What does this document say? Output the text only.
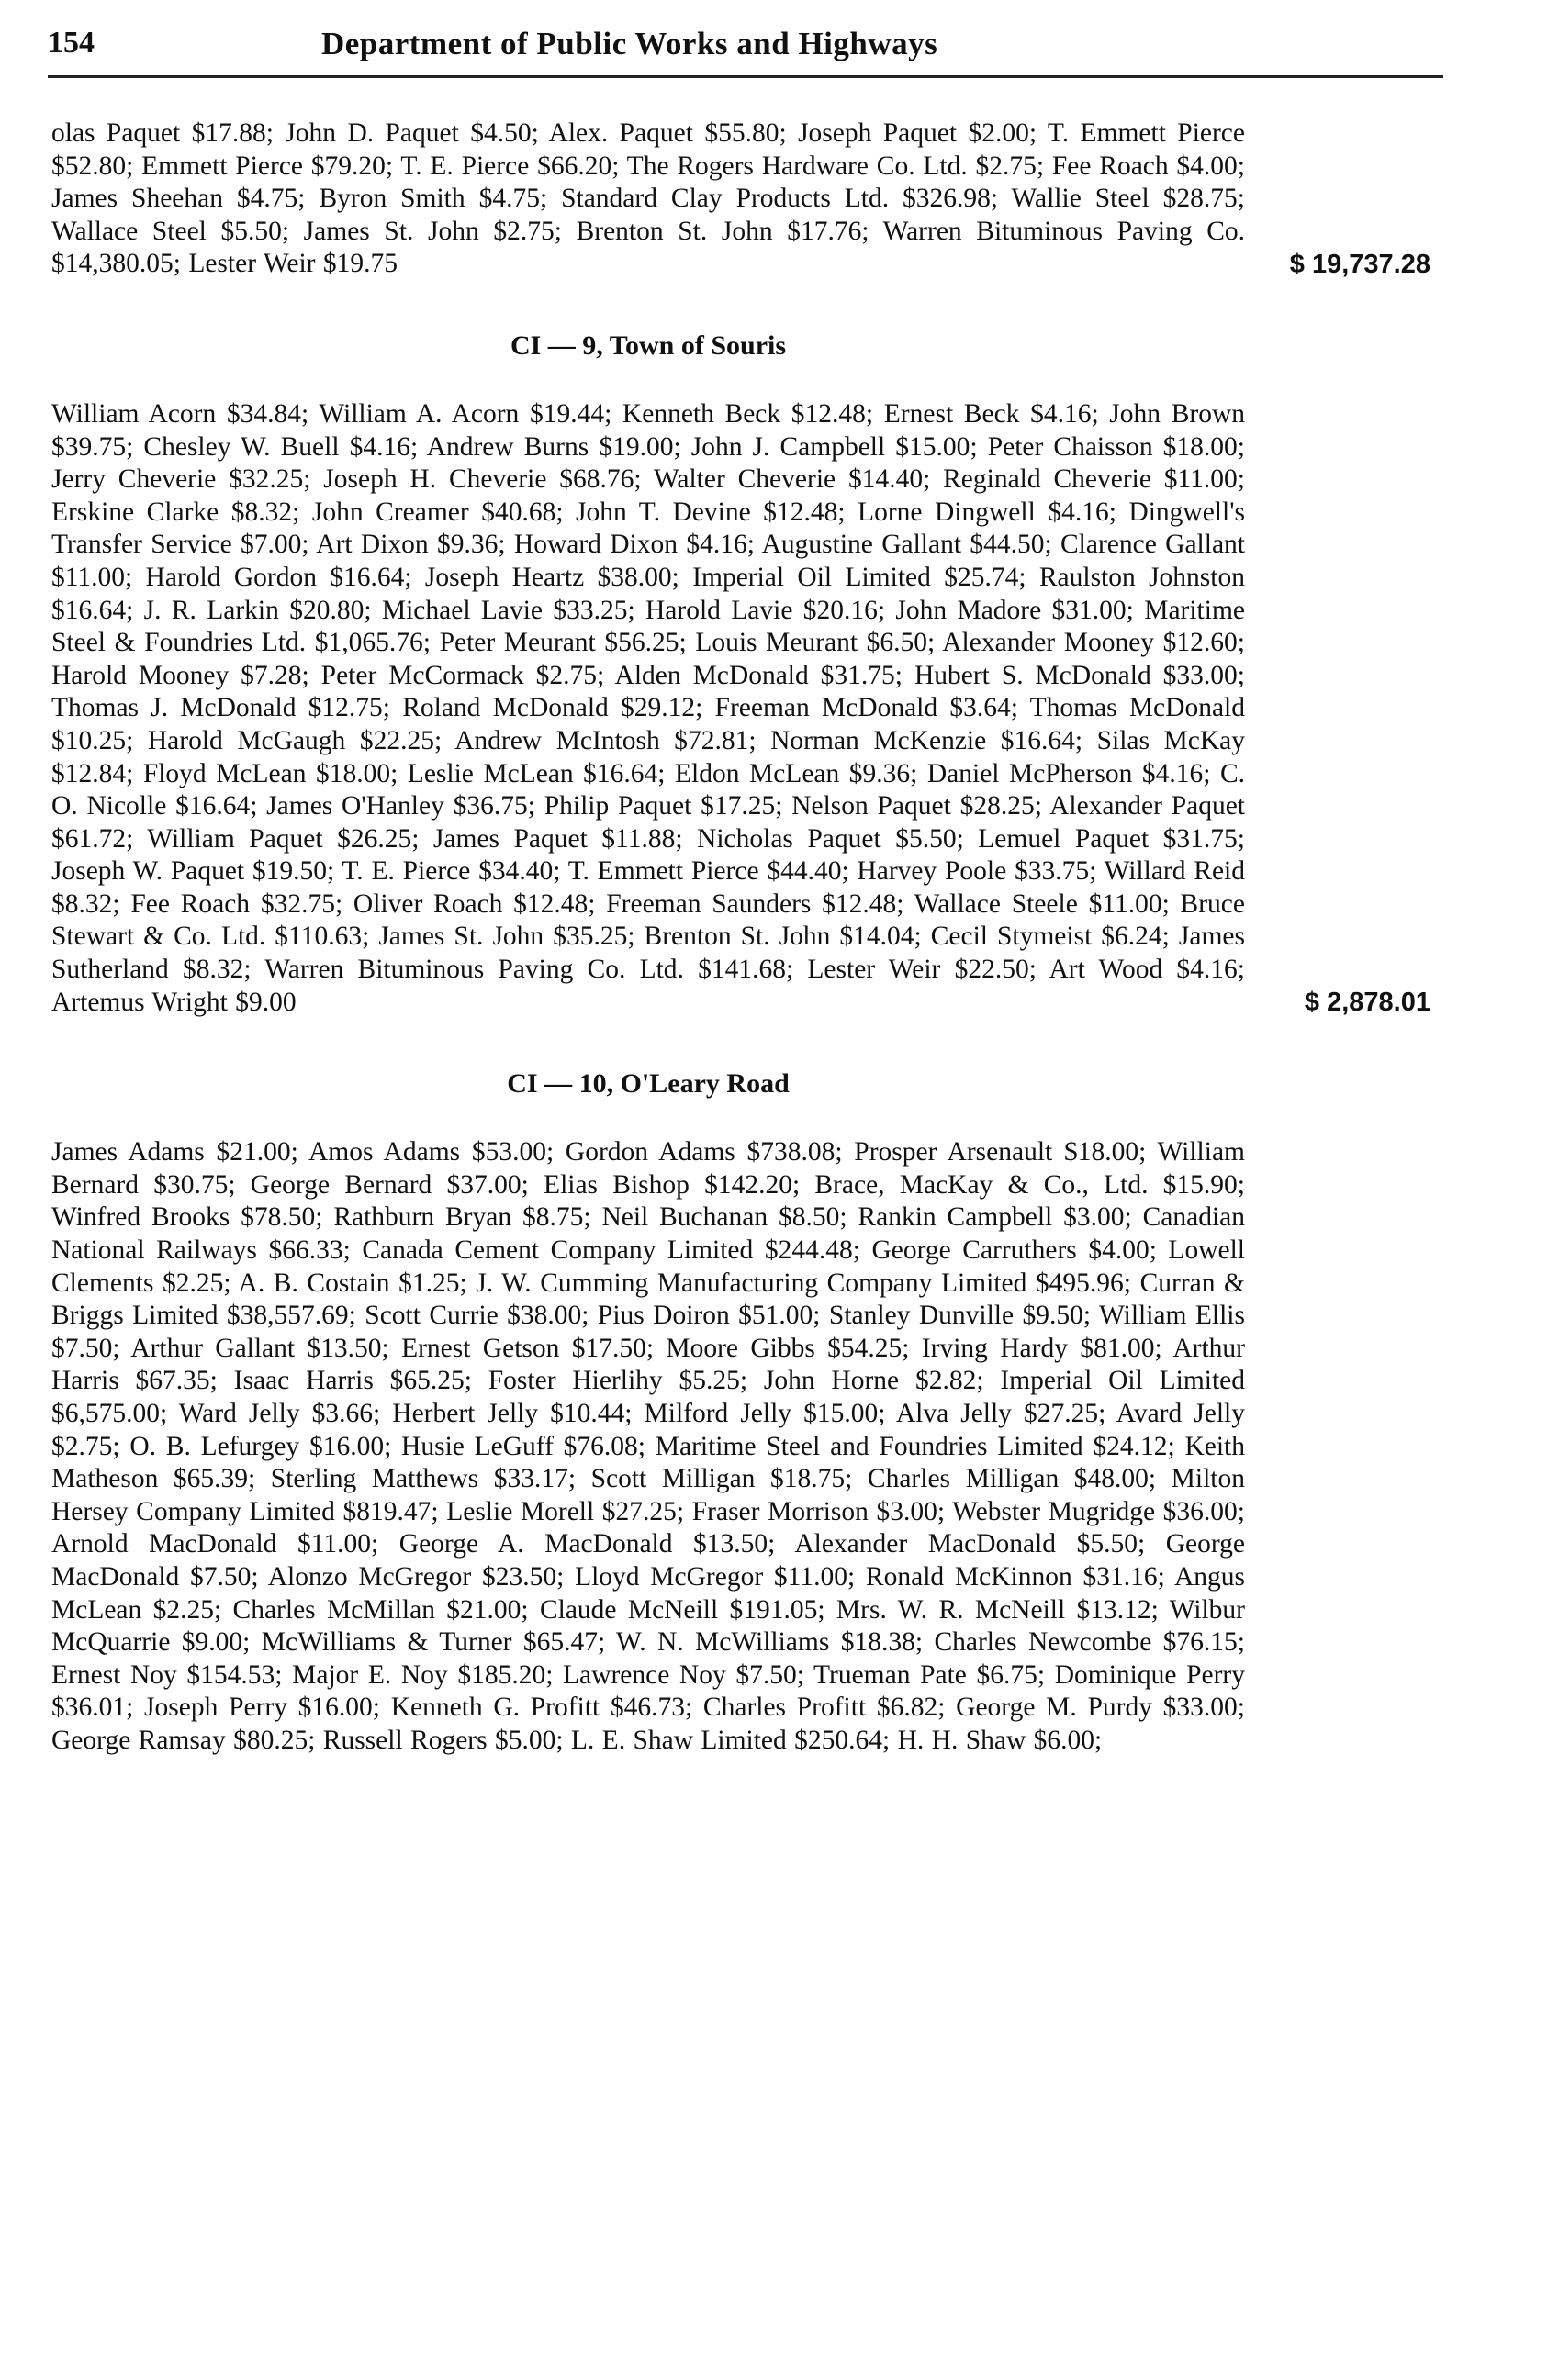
154	Department of Public Works and Highways
olas Paquet $17.88; John D. Paquet $4.50; Alex. Paquet $55.80; Joseph Paquet $2.00; T. Emmett Pierce $52.80; Emmett Pierce $79.20; T. E. Pierce $66.20; The Rogers Hardware Co. Ltd. $2.75; Fee Roach $4.00; James Sheehan $4.75; Byron Smith $4.75; Standard Clay Products Ltd. $326.98; Wallie Steel $28.75; Wallace Steel $5.50; James St. John $2.75; Brenton St. John $17.76; Warren Bituminous Paving Co. $14,380.05; Lester Weir $19.75	$ 19,737.28
CI — 9, Town of Souris
William Acorn $34.84; William A. Acorn $19.44; Kenneth Beck $12.48; Ernest Beck $4.16; John Brown $39.75; Chesley W. Buell $4.16; Andrew Burns $19.00; John J. Campbell $15.00; Peter Chaisson $18.00; Jerry Cheverie $32.25; Joseph H. Cheverie $68.76; Walter Cheverie $14.40; Reginald Cheverie $11.00; Erskine Clarke $8.32; John Creamer $40.68; John T. Devine $12.48; Lorne Dingwell $4.16; Dingwell's Transfer Service $7.00; Art Dixon $9.36; Howard Dixon $4.16; Augustine Gallant $44.50; Clarence Gallant $11.00; Harold Gordon $16.64; Joseph Heartz $38.00; Imperial Oil Limited $25.74; Raulston Johnston $16.64; J. R. Larkin $20.80; Michael Lavie $33.25; Harold Lavie $20.16; John Madore $31.00; Maritime Steel & Foundries Ltd. $1,065.76; Peter Meurant $56.25; Louis Meurant $6.50; Alexander Mooney $12.60; Harold Mooney $7.28; Peter McCormack $2.75; Alden McDonald $31.75; Hubert S. McDonald $33.00; Thomas J. McDonald $12.75; Roland McDonald $29.12; Freeman McDonald $3.64; Thomas McDonald $10.25; Harold McGaugh $22.25; Andrew McIntosh $72.81; Norman McKenzie $16.64; Silas McKay $12.84; Floyd McLean $18.00; Leslie McLean $16.64; Eldon McLean $9.36; Daniel McPherson $4.16; C. O. Nicolle $16.64; James O'Hanley $36.75; Philip Paquet $17.25; Nelson Paquet $28.25; Alexander Paquet $61.72; William Paquet $26.25; James Paquet $11.88; Nicholas Paquet $5.50; Lemuel Paquet $31.75; Joseph W. Paquet $19.50; T. E. Pierce $34.40; T. Emmett Pierce $44.40; Harvey Poole $33.75; Willard Reid $8.32; Fee Roach $32.75; Oliver Roach $12.48; Freeman Saunders $12.48; Wallace Steele $11.00; Bruce Stewart & Co. Ltd. $110.63; James St. John $35.25; Brenton St. John $14.04; Cecil Stymeist $6.24; James Sutherland $8.32; Warren Bituminous Paving Co. Ltd. $141.68; Lester Weir $22.50; Art Wood $4.16; Artemus Wright $9.00	$ 2,878.01
CI — 10, O'Leary Road
James Adams $21.00; Amos Adams $53.00; Gordon Adams $738.08; Prosper Arsenault $18.00; William Bernard $30.75; George Bernard $37.00; Elias Bishop $142.20; Brace, MacKay & Co., Ltd. $15.90; Winfred Brooks $78.50; Rathburn Bryan $8.75; Neil Buchanan $8.50; Rankin Campbell $3.00; Canadian National Railways $66.33; Canada Cement Company Limited $244.48; George Carruthers $4.00; Lowell Clements $2.25; A. B. Costain $1.25; J. W. Cumming Manufacturing Company Limited $495.96; Curran & Briggs Limited $38,557.69; Scott Currie $38.00; Pius Doiron $51.00; Stanley Dunville $9.50; William Ellis $7.50; Arthur Gallant $13.50; Ernest Getson $17.50; Moore Gibbs $54.25; Irving Hardy $81.00; Arthur Harris $67.35; Isaac Harris $65.25; Foster Hierlihy $5.25; John Horne $2.82; Imperial Oil Limited $6,575.00; Ward Jelly $3.66; Herbert Jelly $10.44; Milford Jelly $15.00; Alva Jelly $27.25; Avard Jelly $2.75; O. B. Lefurgey $16.00; Husie LeGuff $76.08; Maritime Steel and Foundries Limited $24.12; Keith Matheson $65.39; Sterling Matthews $33.17; Scott Milligan $18.75; Charles Milligan $48.00; Milton Hersey Company Limited $819.47; Leslie Morell $27.25; Fraser Morrison $3.00; Webster Mugridge $36.00; Arnold MacDonald $11.00; George A. MacDonald $13.50; Alexander MacDonald $5.50; George MacDonald $7.50; Alonzo McGregor $23.50; Lloyd McGregor $11.00; Ronald McKinnon $31.16; Angus McLean $2.25; Charles McMillan $21.00; Claude McNeill $191.05; Mrs. W. R. McNeill $13.12; Wilbur McQuarrie $9.00; McWilliams & Turner $65.47; W. N. McWilliams $18.38; Charles Newcombe $76.15; Ernest Noy $154.53; Major E. Noy $185.20; Lawrence Noy $7.50; Trueman Pate $6.75; Dominique Perry $36.01; Joseph Perry $16.00; Kenneth G. Profitt $46.73; Charles Profitt $6.82; George M. Purdy $33.00; George Ramsay $80.25; Russell Rogers $5.00; L. E. Shaw Limited $250.64; H. H. Shaw $6.00;
